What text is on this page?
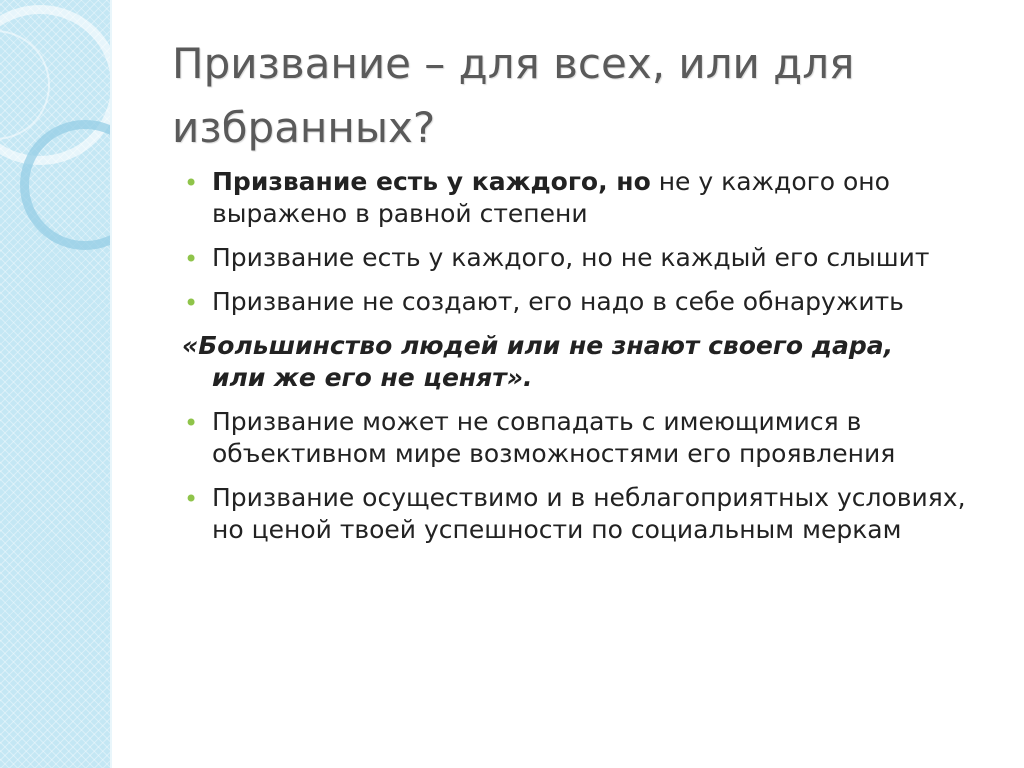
Призвание – для всех, или для избранных?
• Призвание есть у каждого, но не у каждого оно выражено в равной степени
• Призвание есть у каждого, но не каждый его слышит
• Призвание не создают, его надо в себе обнаружить
«Большинство людей или не знают своего дара,
или же его не ценят».
• Призвание может не совпадать с имеющимися в объективном мире возможностями его проявления
• Призвание осуществимо и в неблагоприятных условиях, но ценой твоей успешности по социальным меркам
